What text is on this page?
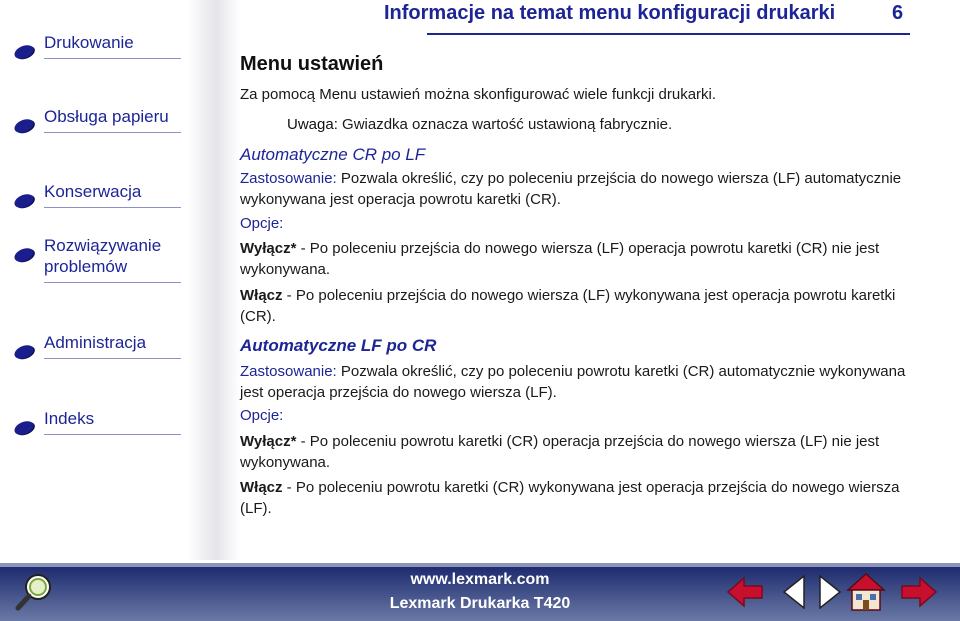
Drukowanie
Obsługa papieru
Konserwacja
Rozwiązywanie problemów
Administracja
Indeks
Informacje na temat menu konfiguracji drukarki	6
Menu ustawień
Za pomocą Menu ustawień można skonfigurować wiele funkcji drukarki.
Uwaga: Gwiazdka oznacza wartość ustawioną fabrycznie.
Automatyczne CR po LF
Zastosowanie: Pozwala określić, czy po poleceniu przejścia do nowego wiersza (LF) automatycznie wykonywana jest operacja powrotu karetki (CR).
Opcje:
Wyłącz* - Po poleceniu przejścia do nowego wiersza (LF) operacja powrotu karetki (CR) nie jest wykonywana.
Włącz - Po poleceniu przejścia do nowego wiersza (LF) wykonywana jest operacja powrotu karetki (CR).
Automatyczne LF po CR
Zastosowanie: Pozwala określić, czy po poleceniu powrotu karetki (CR) automatycznie wykonywana jest operacja przejścia do nowego wiersza (LF).
Opcje:
Wyłącz* - Po poleceniu powrotu karetki (CR) operacja przejścia do nowego wiersza (LF) nie jest wykonywana.
Włącz - Po poleceniu powrotu karetki (CR) wykonywana jest operacja przejścia do nowego wiersza (LF).
www.lexmark.com
Lexmark Drukarka T420
